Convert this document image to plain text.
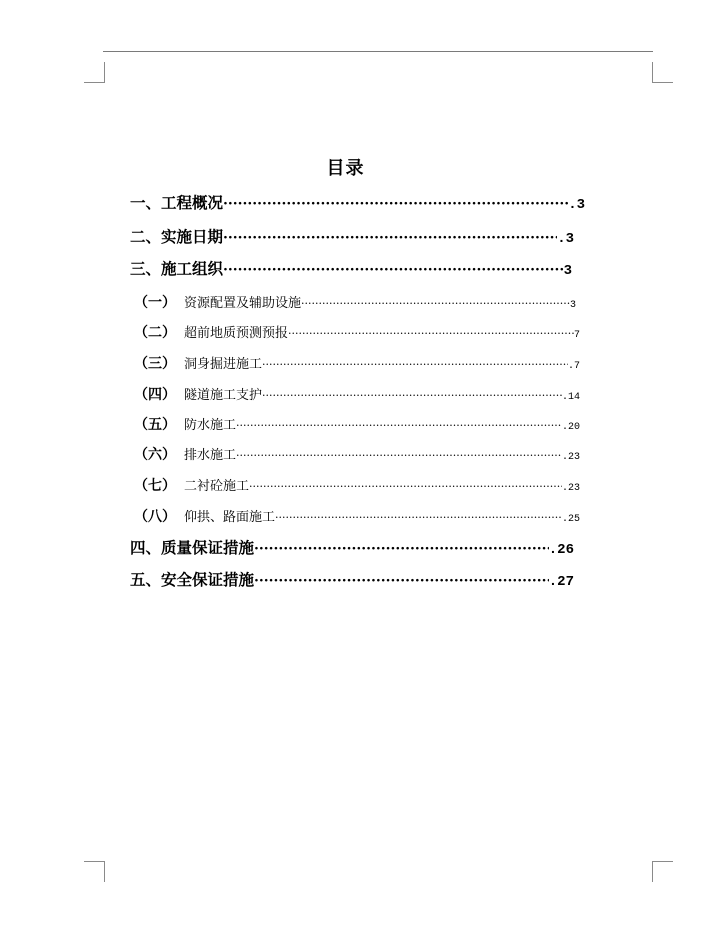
目录
一、工程概况 ·····	.3
二、实施日期 ·····	.3
三、施工组织 ·····	3
（一） 资源配置及辅助设施 ·····	3
（二） 超前地质预测预报 ·····	7
（三） 洞身掘进施工 ·····	.7
（四） 隧道施工支护 ·····	.14
（五） 防水施工 ·····	.20
（六） 排水施工 ·····	.23
（七） 二衬砼施工 ·····	.23
（八） 仰拱、路面施工 ·····	.25
四、质量保证措施 ·····	.26
五、安全保证措施 ·····	.27
